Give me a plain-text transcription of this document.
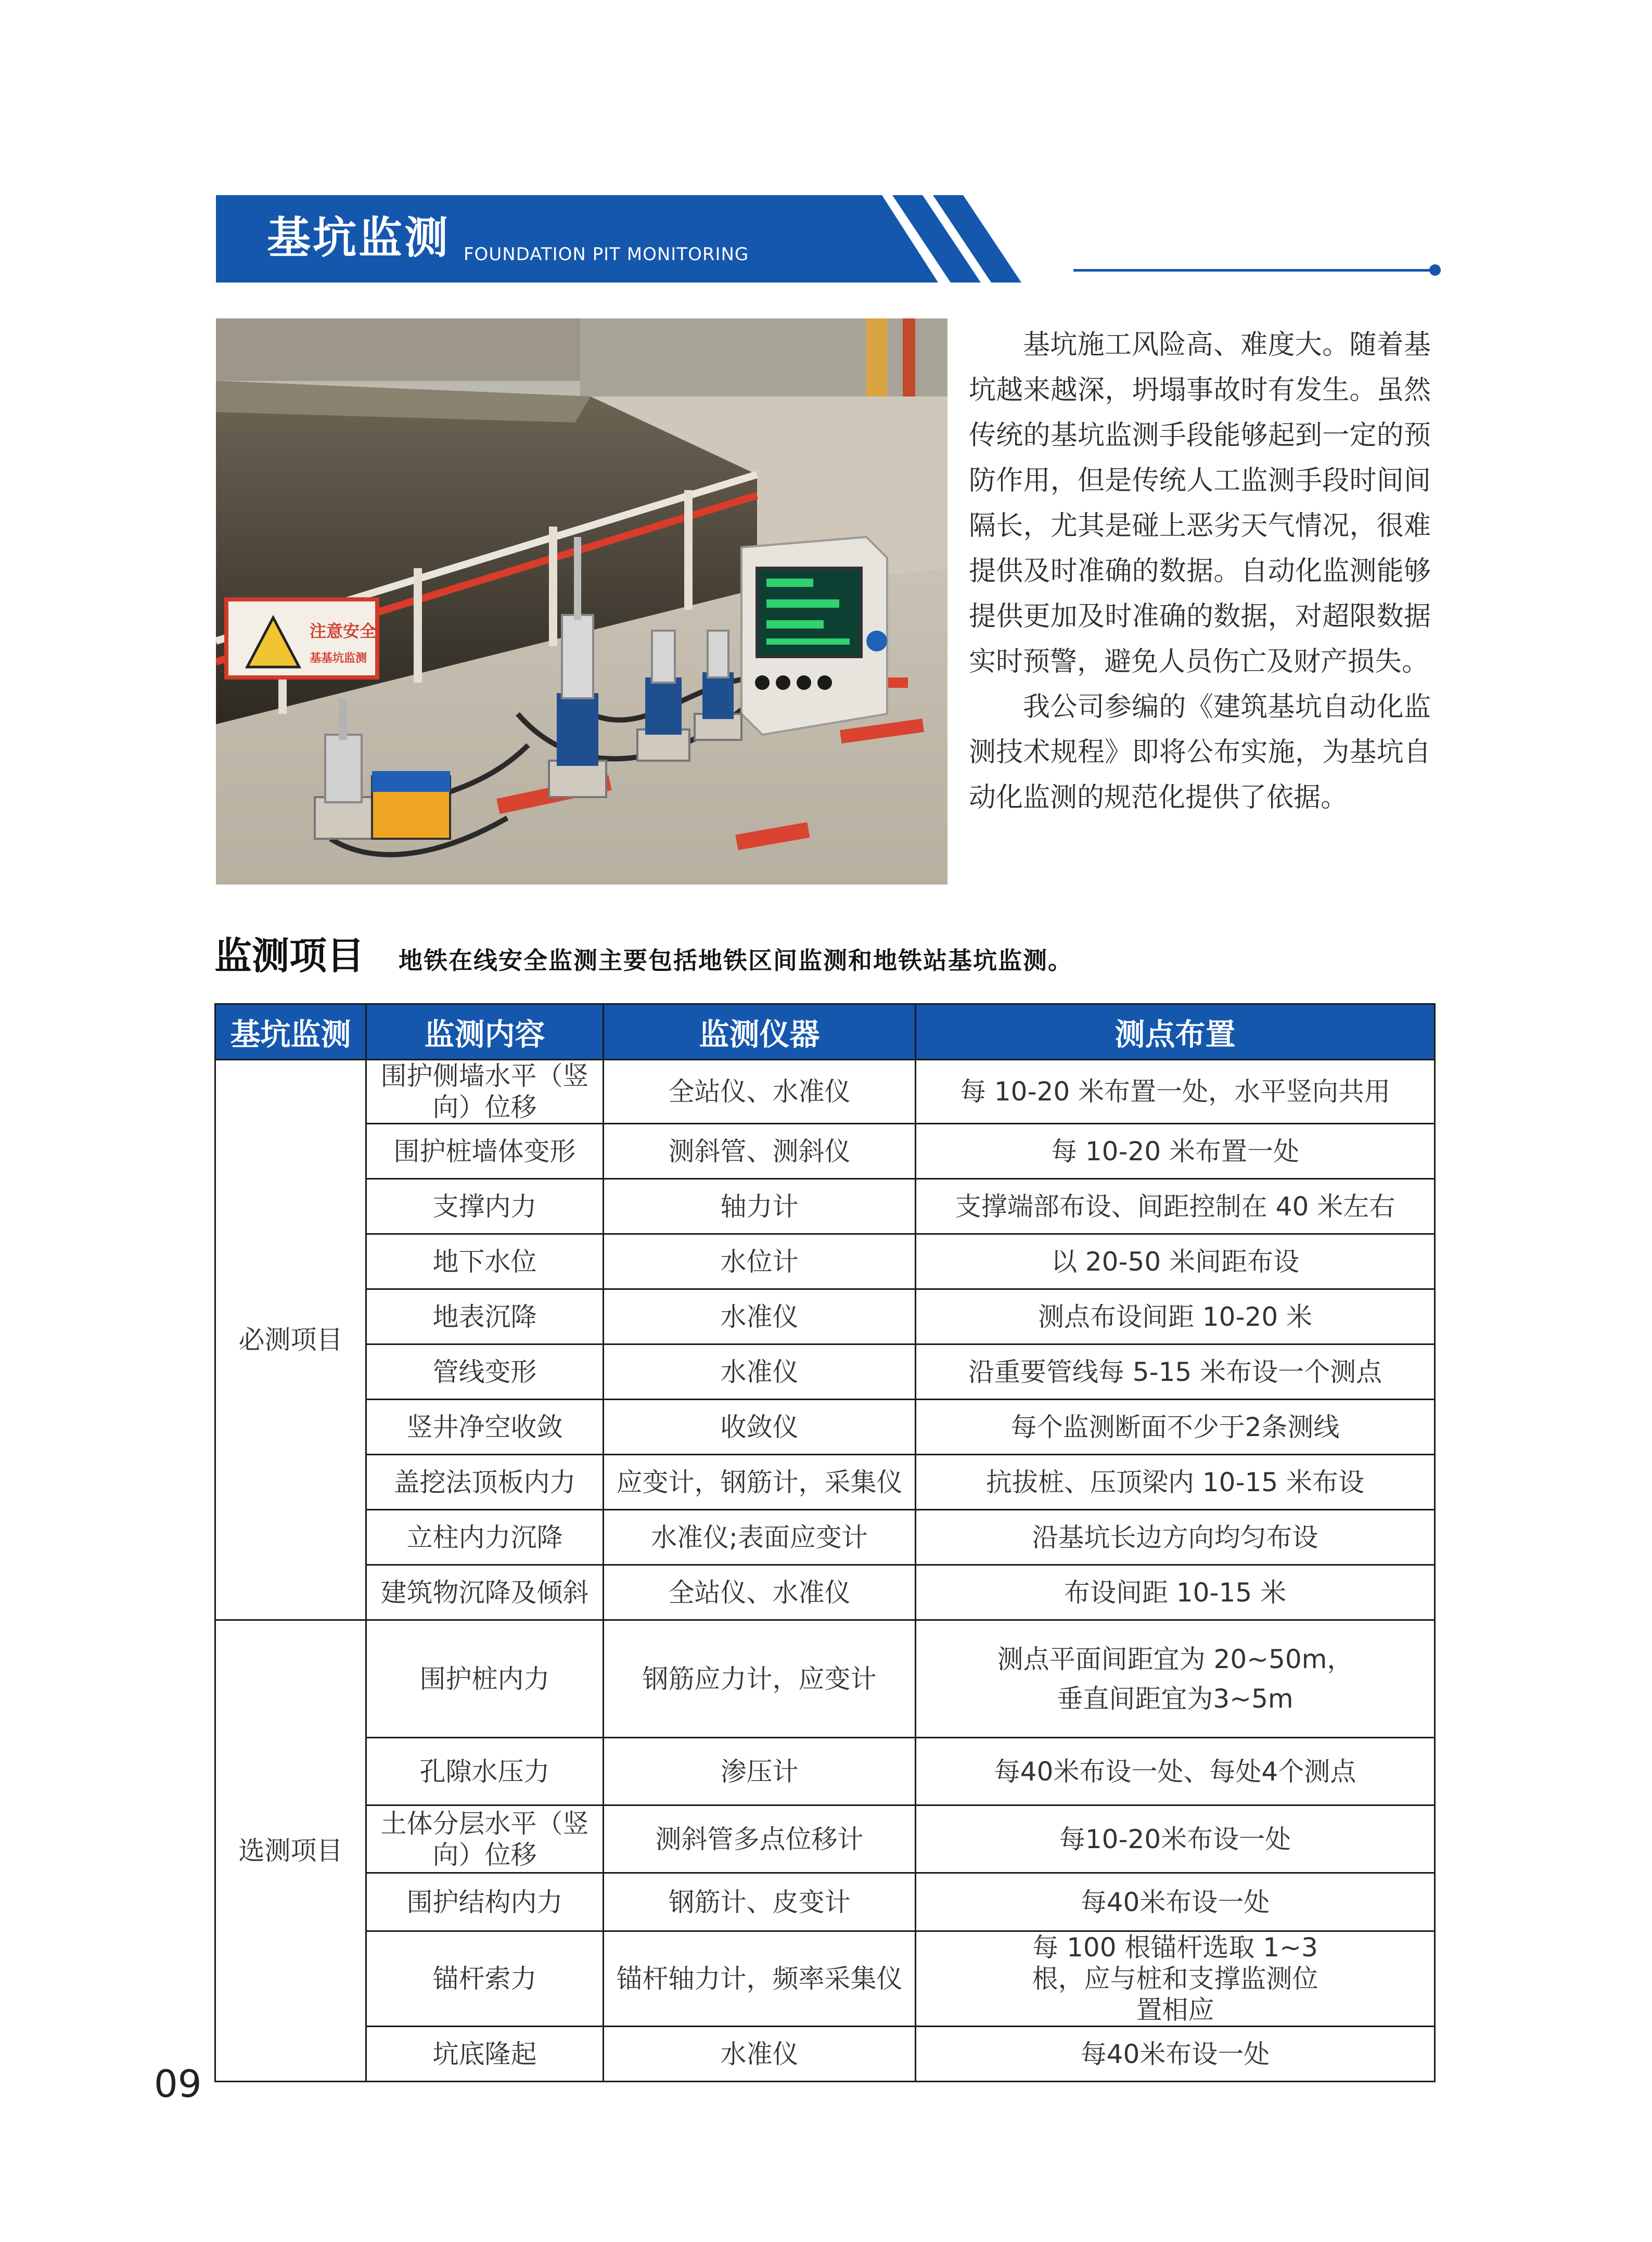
基坑监测 FOUNDATION PIT MONITORING
注意安全
基基坑监测

基坑施工风险高、难度大。随着基坑越来越深，坍塌事故时有发生。虽然传统的基坑监测手段能够起到一定的预防作用，但是传统人工监测手段时间间隔长，尤其是碰上恶劣天气情况，很难提供及时准确的数据。自动化监测能够提供更加及时准确的数据，对超限数据实时预警，避免人员伤亡及财产损失。

我公司参编的《建筑基坑自动化监测技术规程》即将公布实施，为基坑自动化监测的规范化提供了依据。

监测项目 地铁在线安全监测主要包括地铁区间监测和地铁站基坑监测。
基坑监测	监测内容	监测仪器	测点布置
必测项目	围护侧墙水平（竖向）位移	全站仪、水准仪	每 10-20 米布置一处，水平竖向共用
	围护桩墙体变形	测斜管、测斜仪	每 10-20 米布置一处
	支撑内力	轴力计	支撑端部布设、间距控制在 40 米左右
	地下水位	水位计	以 20-50 米间距布设
	地表沉降	水准仪	测点布设间距 10-20 米
	管线变形	水准仪	沿重要管线每 5-15 米布设一个测点
	竖井净空收敛	收敛仪	每个监测断面不少于2条测线
	盖挖法顶板内力	应变计，钢筋计，采集仪	抗拔桩、压顶梁内 10-15 米布设
	立柱内力沉降	水准仪;表面应变计	沿基坑长边方向均匀布设
	建筑物沉降及倾斜	全站仪、水准仪	布设间距 10-15 米
选测项目	围护桩内力	钢筋应力计，应变计	测点平面间距宜为 20~50m，垂直间距宜为3~5m
	孔隙水压力	渗压计	每40米布设一处、每处4个测点
	土体分层水平（竖向）位移	测斜管多点位移计	每10-20米布设一处
	围护结构内力	钢筋计、皮变计	每40米布设一处
	锚杆索力	锚杆轴力计，频率采集仪	每 100 根锚杆选取 1~3 根，应与桩和支撑监测位置相应
	坑底隆起	水准仪	每40米布设一处
09
